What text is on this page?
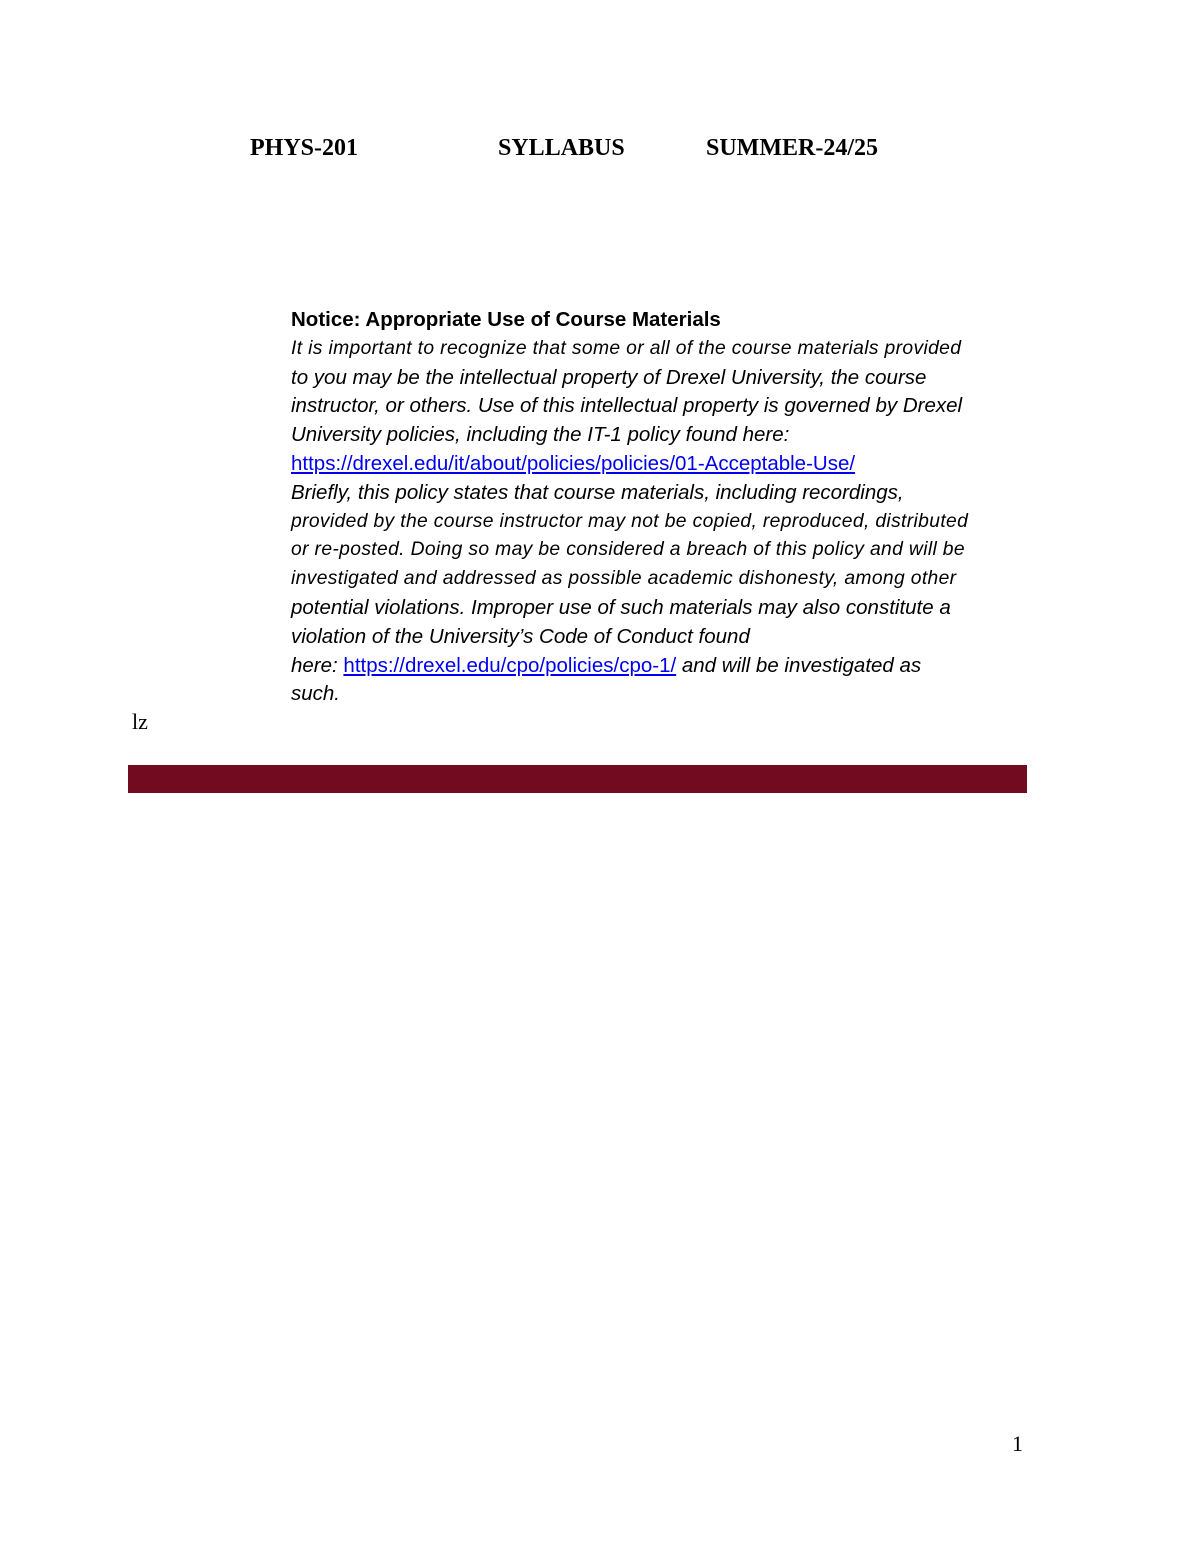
PHYS-201	SYLLABUS	SUMMER-24/25

Notice: Appropriate Use of Course Materials

It is important to recognize that some or all of the course materials provided

to you may be the intellectual property of Drexel University, the course

instructor, or others. Use of this intellectual property is governed by Drexel

University policies, including the IT-1 policy found here:

https://drexel.edu/it/about/policies/policies/01-Acceptable-Use/

Briefly, this policy states that course materials, including recordings,

provided by the course instructor may not be copied, reproduced, distributed

or re-posted. Doing so may be considered a breach of this policy and will be

investigated and addressed as possible academic dishonesty, among other

potential violations. Improper use of such materials may also constitute a

violation of the University’s Code of Conduct found

here: https://drexel.edu/cpo/policies/cpo-1/ and will be investigated as

such.

lz
1
